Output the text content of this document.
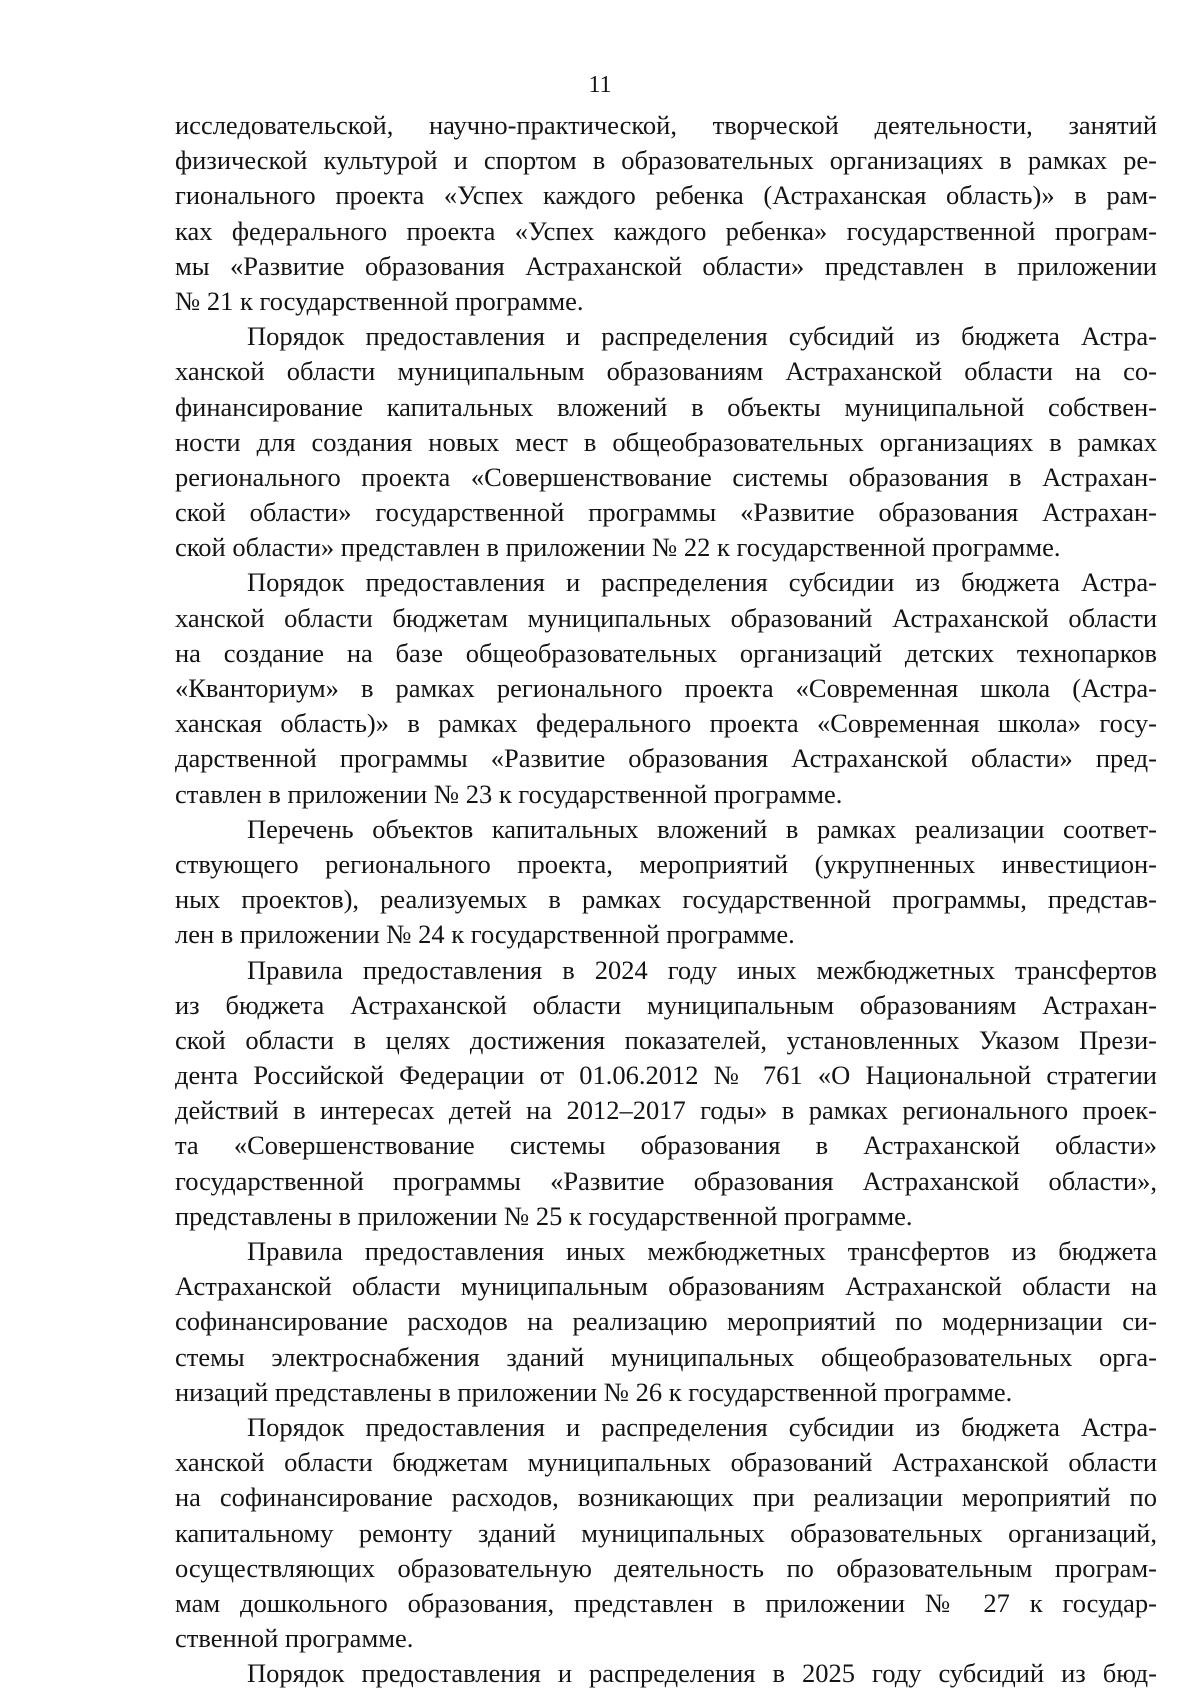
11
исследовательской, научно-практической, творческой деятельности, занятий
физической культурой и спортом в образовательных организациях в рамках ре-
гионального проекта «Успех каждого ребенка (Астраханская область)» в рам-
ках федерального проекта «Успех каждого ребенка» государственной програм-
мы «Развитие образования Астраханской области» представлен в приложении
№ 21 к государственной программе.
Порядок предоставления и распределения субсидий из бюджета Астра-
ханской области муниципальным образованиям Астраханской области на со-
финансирование капитальных вложений в объекты муниципальной собствен-
ности для создания новых мест в общеобразовательных организациях в рамках
регионального проекта «Совершенствование системы образования в Астрахан-
ской области» государственной программы «Развитие образования Астрахан-
ской области» представлен в приложении № 22 к государственной программе.
Порядок предоставления и распределения субсидии из бюджета Астра-
ханской области бюджетам муниципальных образований Астраханской области
на создание на базе общеобразовательных организаций детских технопарков
«Кванториум» в рамках регионального проекта «Современная школа (Астра-
ханская область)» в рамках федерального проекта «Современная школа» госу-
дарственной программы «Развитие образования Астраханской области» пред-
ставлен в приложении № 23 к государственной программе.
Перечень объектов капитальных вложений в рамках реализации соответ-
ствующего регионального проекта, мероприятий (укрупненных инвестицион-
ных проектов), реализуемых в рамках государственной программы, представ-
лен в приложении № 24 к государственной программе.
Правила предоставления в 2024 году иных межбюджетных трансфертов
из бюджета Астраханской области муниципальным образованиям Астрахан-
ской области в целях достижения показателей, установленных Указом Прези-
дента Российской Федерации от 01.06.2012 № 761 «О Национальной стратегии
действий в интересах детей на 2012–2017 годы» в рамках регионального проек-
та «Совершенствование системы образования в Астраханской области»
государственной программы «Развитие образования Астраханской области»,
представлены в приложении № 25 к государственной программе.
Правила предоставления иных межбюджетных трансфертов из бюджета
Астраханской области муниципальным образованиям Астраханской области на
софинансирование расходов на реализацию мероприятий по модернизации си-
стемы электроснабжения зданий муниципальных общеобразовательных орга-
низаций представлены в приложении № 26 к государственной программе.
Порядок предоставления и распределения субсидии из бюджета Астра-
ханской области бюджетам муниципальных образований Астраханской области
на софинансирование расходов, возникающих при реализации мероприятий по
капитальному ремонту зданий муниципальных образовательных организаций,
осуществляющих образовательную деятельность по образовательным програм-
мам дошкольного образования, представлен в приложении № 27 к государ-
ственной программе.
Порядок предоставления и распределения в 2025 году субсидий из бюд-
